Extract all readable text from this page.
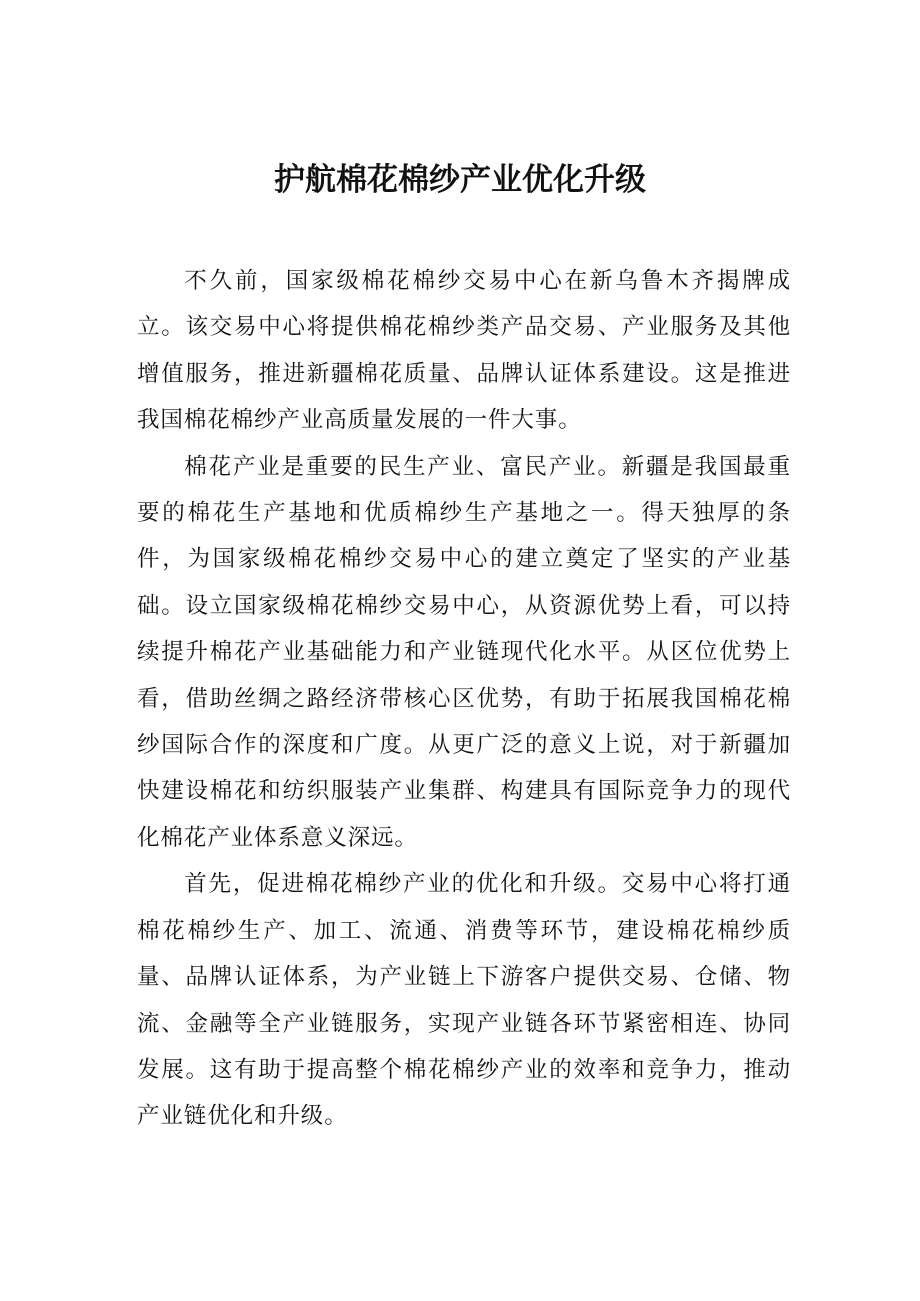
护航棉花棉纱产业优化升级

不久前，国家级棉花棉纱交易中心在新乌鲁木齐揭牌成立。该交易中心将提供棉花棉纱类产品交易、产业服务及其他增值服务，推进新疆棉花质量、品牌认证体系建设。这是推进我国棉花棉纱产业高质量发展的一件大事。

棉花产业是重要的民生产业、富民产业。新疆是我国最重要的棉花生产基地和优质棉纱生产基地之一。得天独厚的条件，为国家级棉花棉纱交易中心的建立奠定了坚实的产业基础。设立国家级棉花棉纱交易中心，从资源优势上看，可以持续提升棉花产业基础能力和产业链现代化水平。从区位优势上看，借助丝绸之路经济带核心区优势，有助于拓展我国棉花棉纱国际合作的深度和广度。从更广泛的意义上说，对于新疆加快建设棉花和纺织服装产业集群、构建具有国际竞争力的现代化棉花产业体系意义深远。

首先，促进棉花棉纱产业的优化和升级。交易中心将打通棉花棉纱生产、加工、流通、消费等环节，建设棉花棉纱质量、品牌认证体系，为产业链上下游客户提供交易、仓储、物流、金融等全产业链服务，实现产业链各环节紧密相连、协同发展。这有助于提高整个棉花棉纱产业的效率和竞争力，推动产业链优化和升级。
